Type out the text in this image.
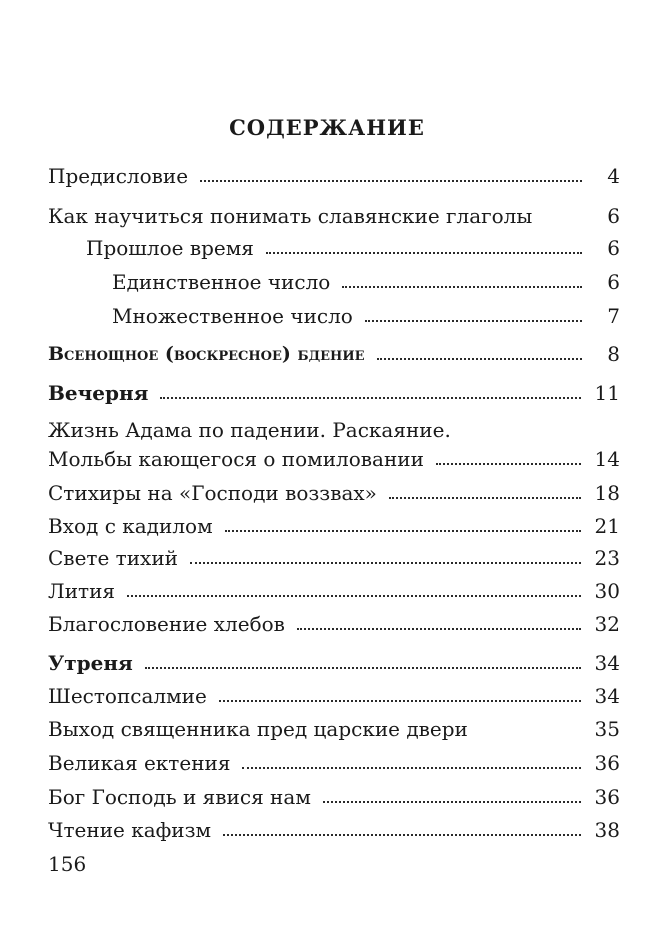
СОДЕРЖАНИЕ
Предисловие	4
Как научиться понимать славянские глаголы	6
Прошлое время	6
Единственное число	6
Множественное число	7
Всенощное (воскресное) бдение	8
Вечерня	11
Жизнь Адама по падении. Раскаяние.
Мольбы кающегося о помиловании	14
Стихиры на «Господи воззвах»	18
Вход с кадилом	21
Свете тихий	23
Лития	30
Благословение хлебов	32
Утреня	34
Шестопсалмие	34
Выход священника пред царские двери	35
Великая ектения	36
Бог Господь и явися нам	36
Чтение кафизм	38
156
